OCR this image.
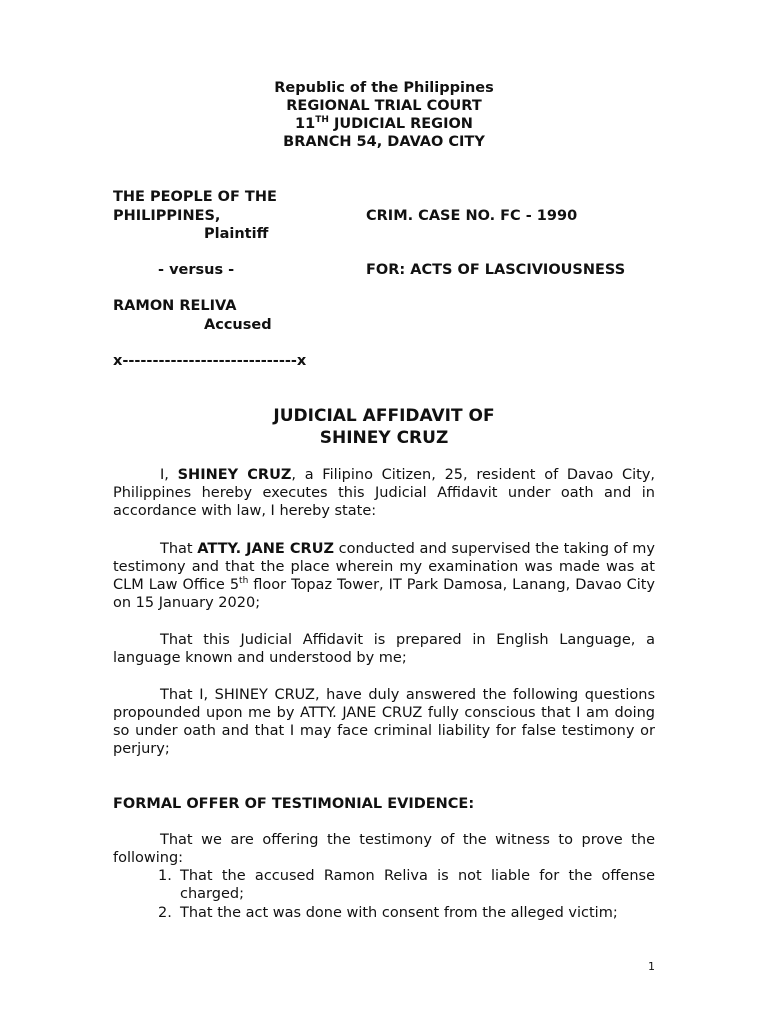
Republic of the Philippines
REGIONAL TRIAL COURT
11TH JUDICIAL REGION
BRANCH 54, DAVAO CITY
THE PEOPLE OF THE
PHILIPPINES,	CRIM. CASE NO. FC - 1990
Plaintiff
- versus -	FOR: ACTS OF LASCIVIOUSNESS
RAMON RELIVA
Accused
x-----------------------------x
JUDICIAL AFFIDAVIT OF
SHINEY CRUZ
I, SHINEY CRUZ, a Filipino Citizen, 25, resident of Davao City, Philippines hereby executes this Judicial Affidavit under oath and in accordance with law, I hereby state:
That ATTY. JANE CRUZ conducted and supervised the taking of my testimony and that the place wherein my examination was made was at CLM Law Office 5th floor Topaz Tower, IT Park Damosa, Lanang, Davao City on 15 January 2020;
That this Judicial Affidavit is prepared in English Language, a language known and understood by me;
That I, SHINEY CRUZ, have duly answered the following questions propounded upon me by ATTY. JANE CRUZ fully conscious that I am doing so under oath and that I may face criminal liability for false testimony or perjury;
FORMAL OFFER OF TESTIMONIAL EVIDENCE:
That we are offering the testimony of the witness to prove the following:
1. That the accused Ramon Reliva is not liable for the offense charged;
2. That the act was done with consent from the alleged victim;
1
